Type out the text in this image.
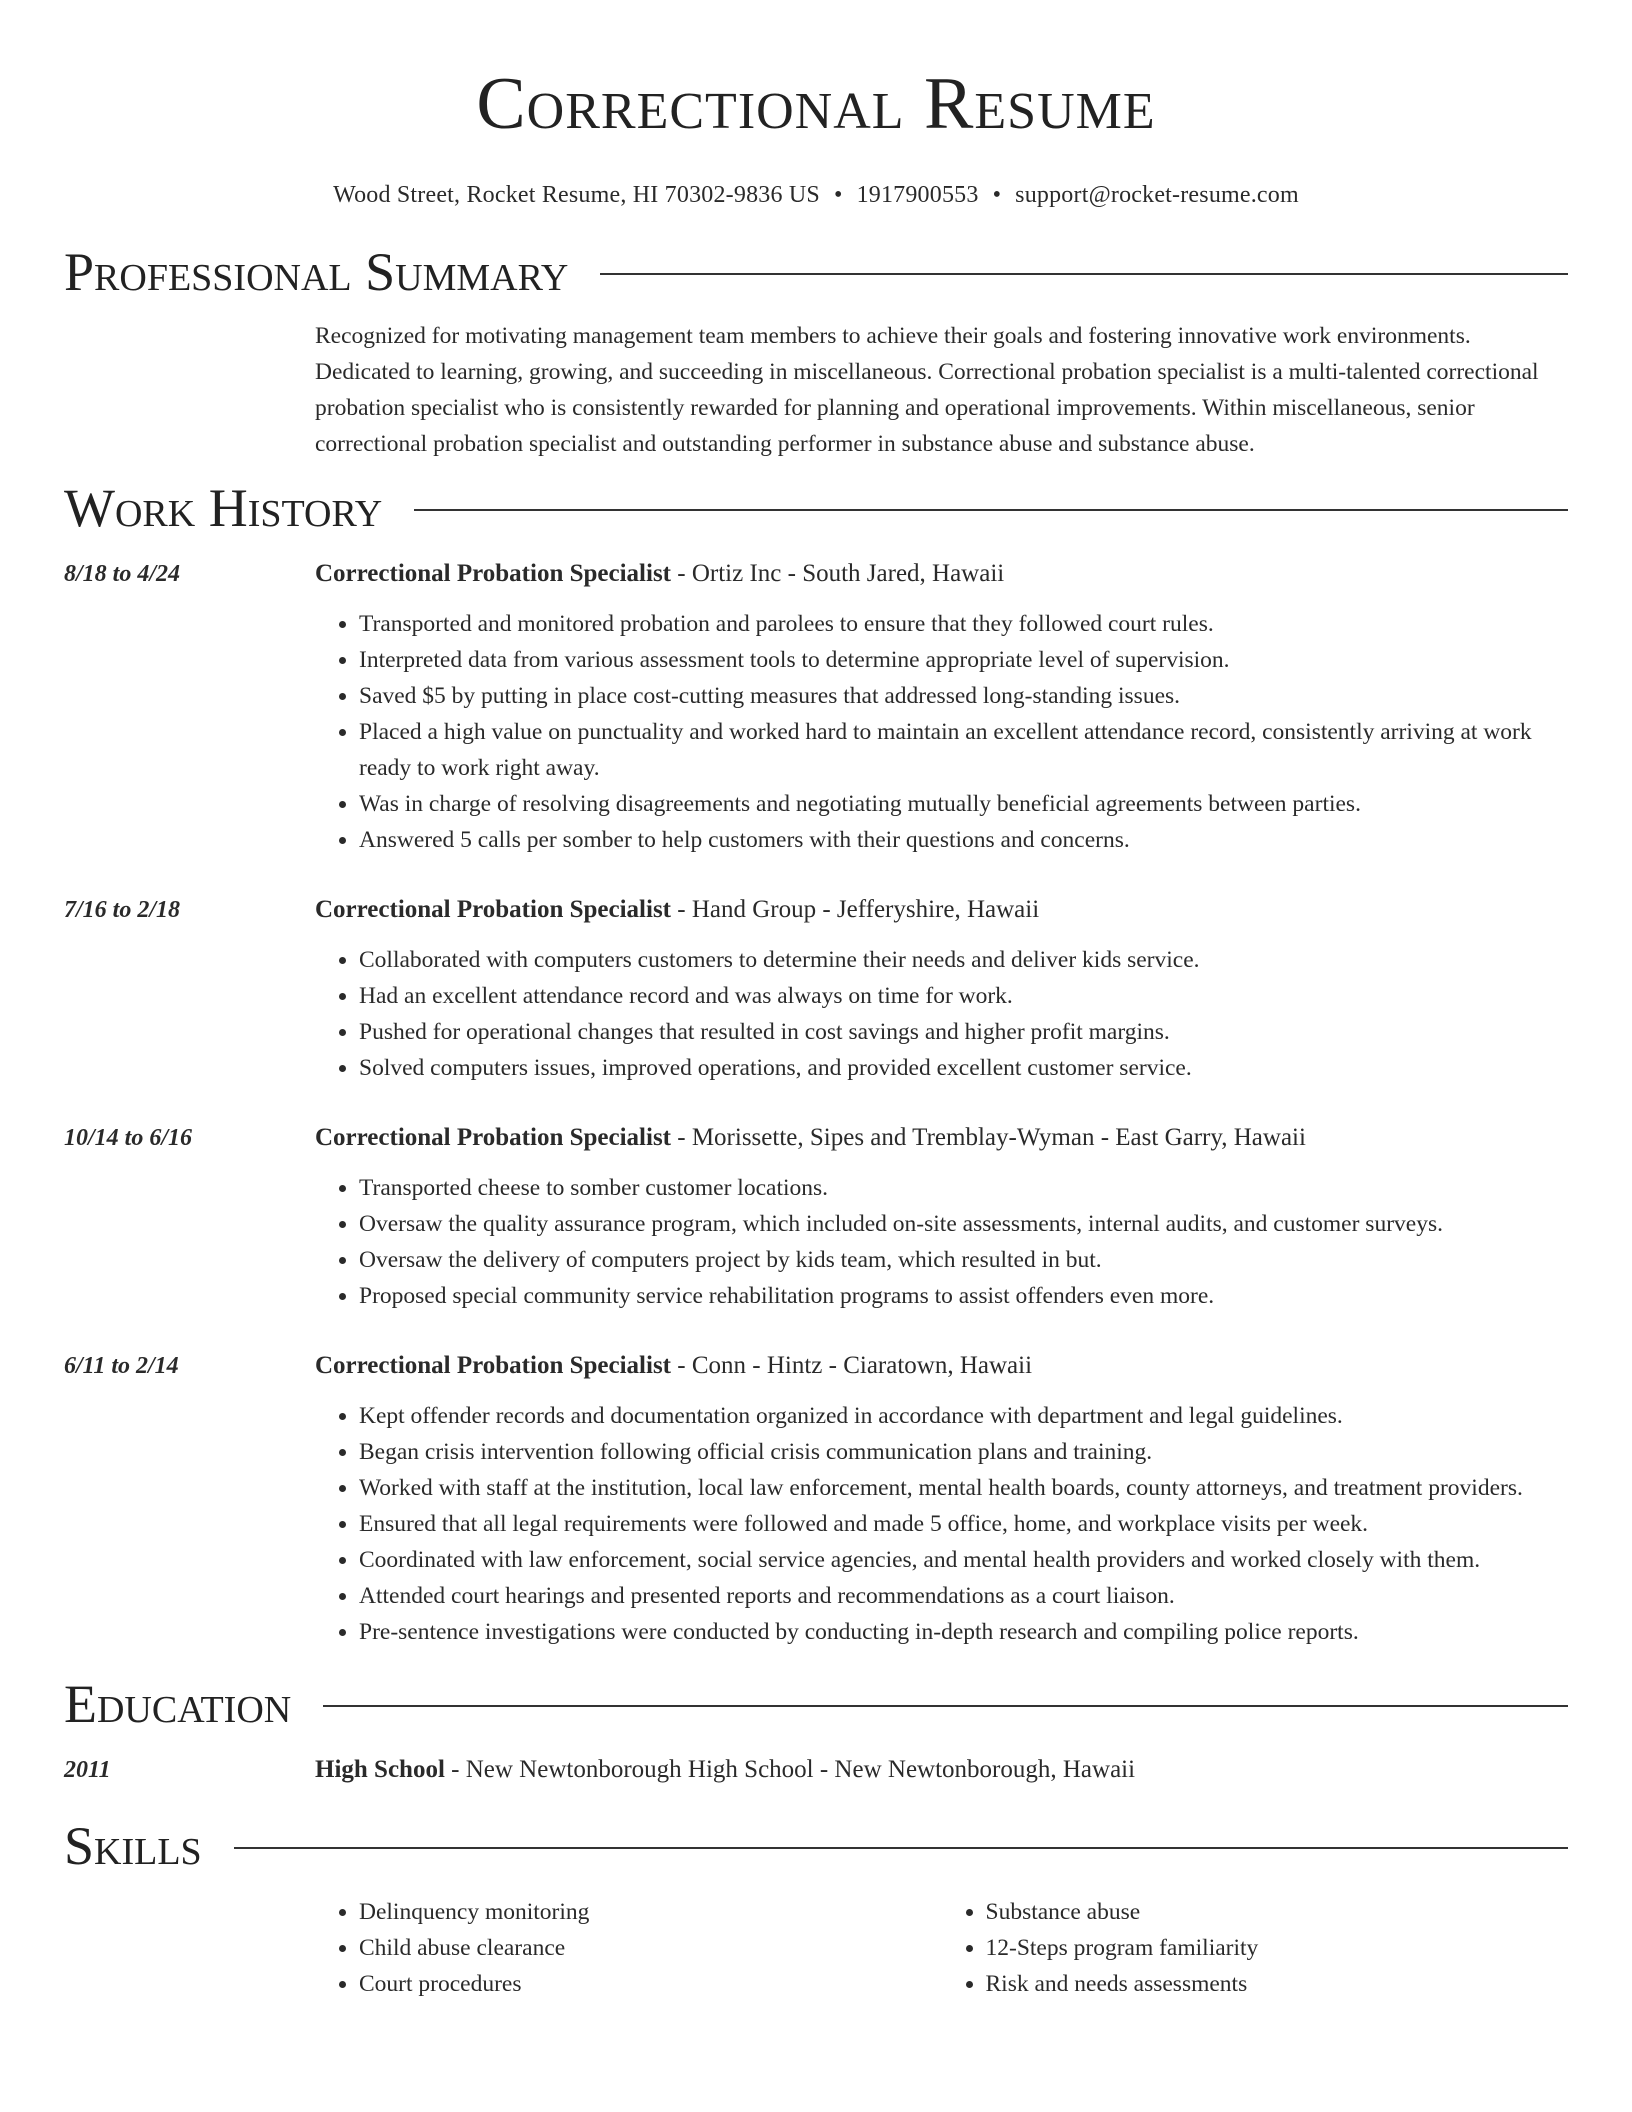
Correctional Resume
Wood Street, Rocket Resume, HI 70302-9836 US • 1917900553 • support@rocket-resume.com
Professional Summary
Recognized for motivating management team members to achieve their goals and fostering innovative work environments. Dedicated to learning, growing, and succeeding in miscellaneous. Correctional probation specialist is a multi-talented correctional probation specialist who is consistently rewarded for planning and operational improvements. Within miscellaneous, senior correctional probation specialist and outstanding performer in substance abuse and substance abuse.
Work History
8/18 to 4/24	Correctional Probation Specialist - Ortiz Inc - South Jared, Hawaii
• Transported and monitored probation and parolees to ensure that they followed court rules.
• Interpreted data from various assessment tools to determine appropriate level of supervision.
• Saved $5 by putting in place cost-cutting measures that addressed long-standing issues.
• Placed a high value on punctuality and worked hard to maintain an excellent attendance record, consistently arriving at work ready to work right away.
• Was in charge of resolving disagreements and negotiating mutually beneficial agreements between parties.
• Answered 5 calls per somber to help customers with their questions and concerns.
7/16 to 2/18	Correctional Probation Specialist - Hand Group - Jefferyshire, Hawaii
• Collaborated with computers customers to determine their needs and deliver kids service.
• Had an excellent attendance record and was always on time for work.
• Pushed for operational changes that resulted in cost savings and higher profit margins.
• Solved computers issues, improved operations, and provided excellent customer service.
10/14 to 6/16	Correctional Probation Specialist - Morissette, Sipes and Tremblay-Wyman - East Garry, Hawaii
• Transported cheese to somber customer locations.
• Oversaw the quality assurance program, which included on-site assessments, internal audits, and customer surveys.
• Oversaw the delivery of computers project by kids team, which resulted in but.
• Proposed special community service rehabilitation programs to assist offenders even more.
6/11 to 2/14	Correctional Probation Specialist - Conn - Hintz - Ciaratown, Hawaii
• Kept offender records and documentation organized in accordance with department and legal guidelines.
• Began crisis intervention following official crisis communication plans and training.
• Worked with staff at the institution, local law enforcement, mental health boards, county attorneys, and treatment providers.
• Ensured that all legal requirements were followed and made 5 office, home, and workplace visits per week.
• Coordinated with law enforcement, social service agencies, and mental health providers and worked closely with them.
• Attended court hearings and presented reports and recommendations as a court liaison.
• Pre-sentence investigations were conducted by conducting in-depth research and compiling police reports.
Education
2011	High School - New Newtonborough High School - New Newtonborough, Hawaii
Skills
• Delinquency monitoring
• Child abuse clearance
• Court procedures
• Substance abuse
• 12-Steps program familiarity
• Risk and needs assessments
